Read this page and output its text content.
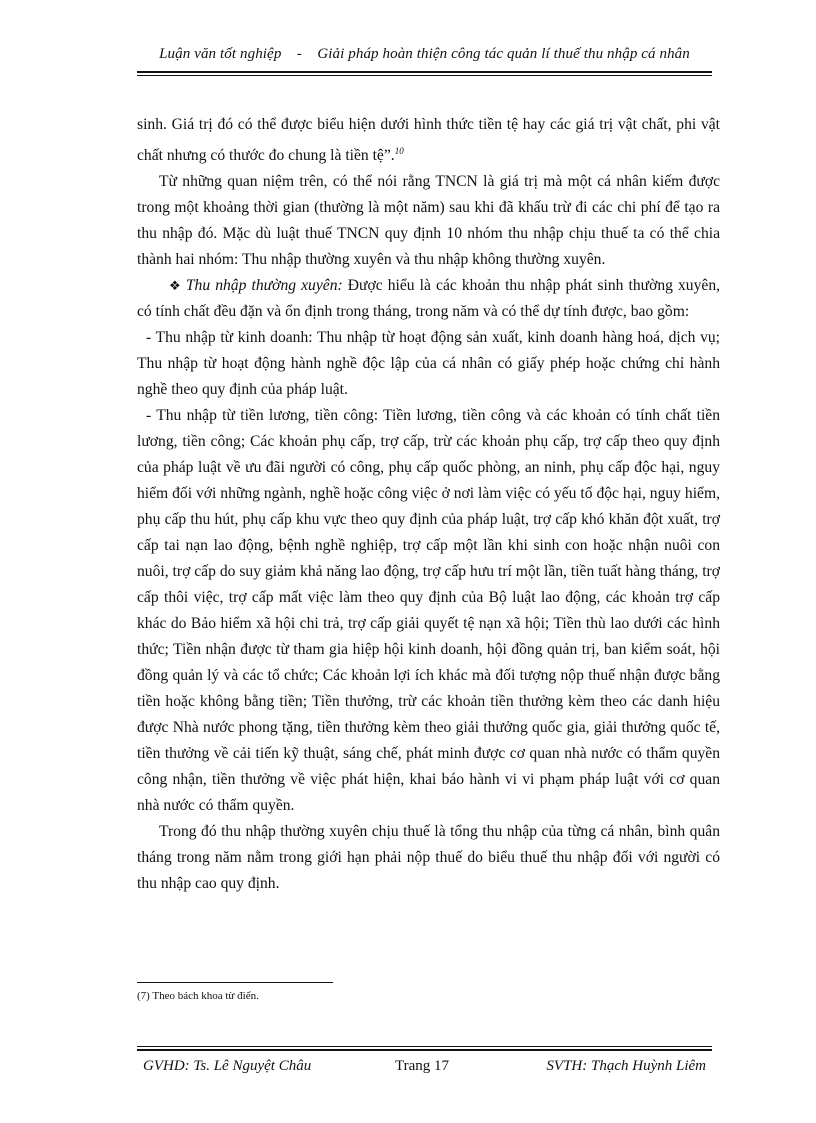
Luận văn tốt nghiệp - Giải pháp hoàn thiện công tác quản lí thuế thu nhập cá nhân

sinh. Giá trị đó có thể được biểu hiện dưới hình thức tiền tệ hay các giá trị vật chất, phi vật chất nhưng có thước đo chung là tiền tệ”.$^{10}$

Từ những quan niệm trên, có thể nói rằng TNCN là giá trị mà một cá nhân kiếm được trong một khoảng thời gian (thường là một năm) sau khi đã khấu trừ đi các chi phí để tạo ra thu nhập đó. Mặc dù luật thuế TNCN quy định 10 nhóm thu nhập chịu thuế ta có thể chia thành hai nhóm: Thu nhập thường xuyên và thu nhập không thường xuyên.

❖ Thu nhập thường xuyên: Được hiểu là các khoản thu nhập phát sinh thường xuyên, có tính chất đều đặn và ổn định trong tháng, trong năm và có thể dự tính được, bao gồm:

- Thu nhập từ kinh doanh: Thu nhập từ hoạt động sản xuất, kinh doanh hàng hoá, dịch vụ; Thu nhập từ hoạt động hành nghề độc lập của cá nhân có giấy phép hoặc chứng chỉ hành nghề theo quy định của pháp luật.

- Thu nhập từ tiền lương, tiền công: Tiền lương, tiền công và các khoản có tính chất tiền lương, tiền công; Các khoản phụ cấp, trợ cấp, trừ các khoản phụ cấp, trợ cấp theo quy định của pháp luật về ưu đãi người có công, phụ cấp quốc phòng, an ninh, phụ cấp độc hại, nguy hiểm đối với những ngành, nghề hoặc công việc ở nơi làm việc có yếu tố độc hại, nguy hiểm, phụ cấp thu hút, phụ cấp khu vực theo quy định của pháp luật, trợ cấp khó khăn đột xuất, trợ cấp tai nạn lao động, bệnh nghề nghiệp, trợ cấp một lần khi sinh con hoặc nhận nuôi con nuôi, trợ cấp do suy giảm khả năng lao động, trợ cấp hưu trí một lần, tiền tuất hàng tháng, trợ cấp thôi việc, trợ cấp mất việc làm theo quy định của Bộ luật lao động, các khoản trợ cấp khác do Bảo hiểm xã hội chi trả, trợ cấp giải quyết tệ nạn xã hội; Tiền thù lao dưới các hình thức; Tiền nhận được từ tham gia hiệp hội kinh doanh, hội đồng quản trị, ban kiểm soát, hội đồng quản lý và các tổ chức; Các khoản lợi ích khác mà đối tượng nộp thuế nhận được bằng tiền hoặc không bằng tiền; Tiền thưởng, trừ các khoản tiền thưởng kèm theo các danh hiệu được Nhà nước phong tặng, tiền thưởng kèm theo giải thưởng quốc gia, giải thưởng quốc tế, tiền thưởng về cải tiến kỹ thuật, sáng chế, phát minh được cơ quan nhà nước có thẩm quyền công nhận, tiền thưởng về việc phát hiện, khai báo hành vi vi phạm pháp luật với cơ quan nhà nước có thẩm quyền.

Trong đó thu nhập thường xuyên chịu thuế là tổng thu nhập của từng cá nhân, bình quân tháng trong năm nằm trong giới hạn phải nộp thuế do biểu thuế thu nhập đối với người có thu nhập cao quy định.

(7) Theo bách khoa từ điển.
GVHD: Ts. Lê Nguyệt Châu	Trang 17	SVTH: Thạch Huỳnh Liêm
